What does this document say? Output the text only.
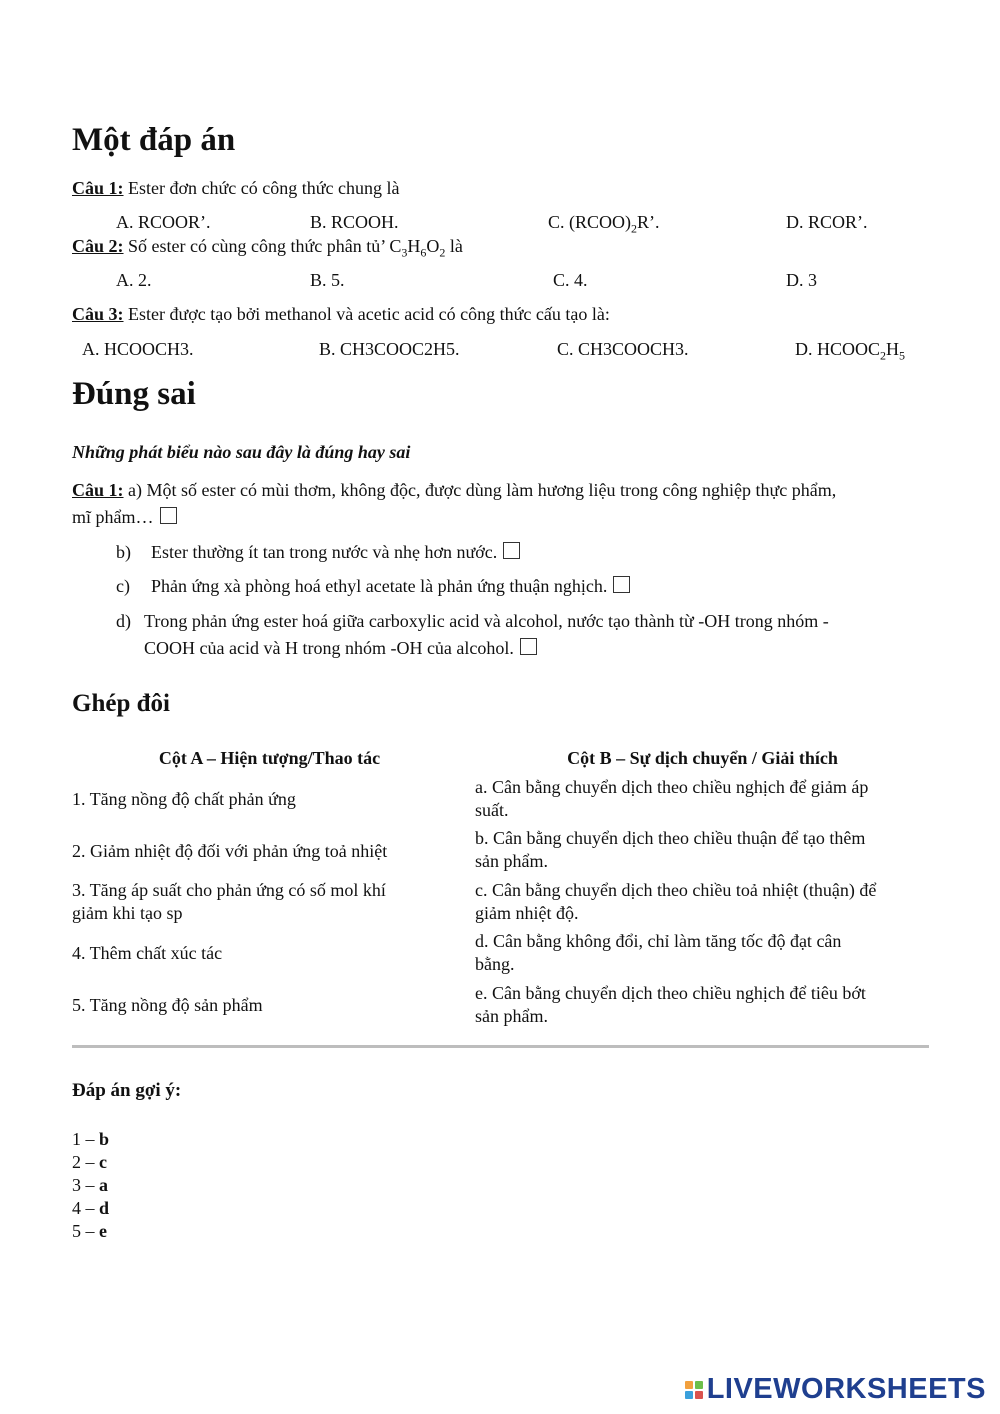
Một đáp án
Câu 1: Ester đơn chức có công thức chung là
A. RCOOR’.	B. RCOOH.	C. $(RCOO)_2R$’.	D. RCOR’.
Câu 2: Số ester có cùng công thức phân tủ’ $C_3H_6O_2$ là
A. 2.	B. 5.	C. 4.	D. 3
Câu 3: Ester được tạo bởi methanol và acetic acid có công thức cấu tạo là:
A. HCOOCH3.	B. CH3COOC2H5.	C. CH3COOCH3.	D. $HCOOC_2H_5$
Đúng sai
Những phát biểu nào sau đây là đúng hay sai
Câu 1: a) Một số ester có mùi thơm, không độc, được dùng làm hương liệu trong công nghiệp thực phẩm,
mĩ phẩm…
b) Ester thường ít tan trong nước và nhẹ hơn nước.
c) Phản ứng xà phòng hoá ethyl acetate là phản ứng thuận nghịch.
d) Trong phản ứng ester hoá giữa carboxylic acid và alcohol, nước tạo thành từ -OH trong nhóm -
COOH của acid và H trong nhóm -OH của alcohol.
Ghép đôi
Cột A – Hiện tượng/Thao tác	Cột B – Sự dịch chuyển / Giải thích
1. Tăng nồng độ chất phản ứng
a. Cân bằng chuyển dịch theo chiều nghịch để giảm áp
suất.
2. Giảm nhiệt độ đối với phản ứng toả nhiệt
b. Cân bằng chuyển dịch theo chiều thuận để tạo thêm
sản phẩm.
3. Tăng áp suất cho phản ứng có số mol khí
giảm khi tạo sp
c. Cân bằng chuyển dịch theo chiều toả nhiệt (thuận) để
giảm nhiệt độ.
4. Thêm chất xúc tác
d. Cân bằng không đổi, chỉ làm tăng tốc độ đạt cân
bằng.
5. Tăng nồng độ sản phẩm
e. Cân bằng chuyển dịch theo chiều nghịch để tiêu bớt
sản phẩm.
Đáp án gợi ý:
1 – b
2 – c
3 – a
4 – d
5 – e
LIVEWORKSHEETS
